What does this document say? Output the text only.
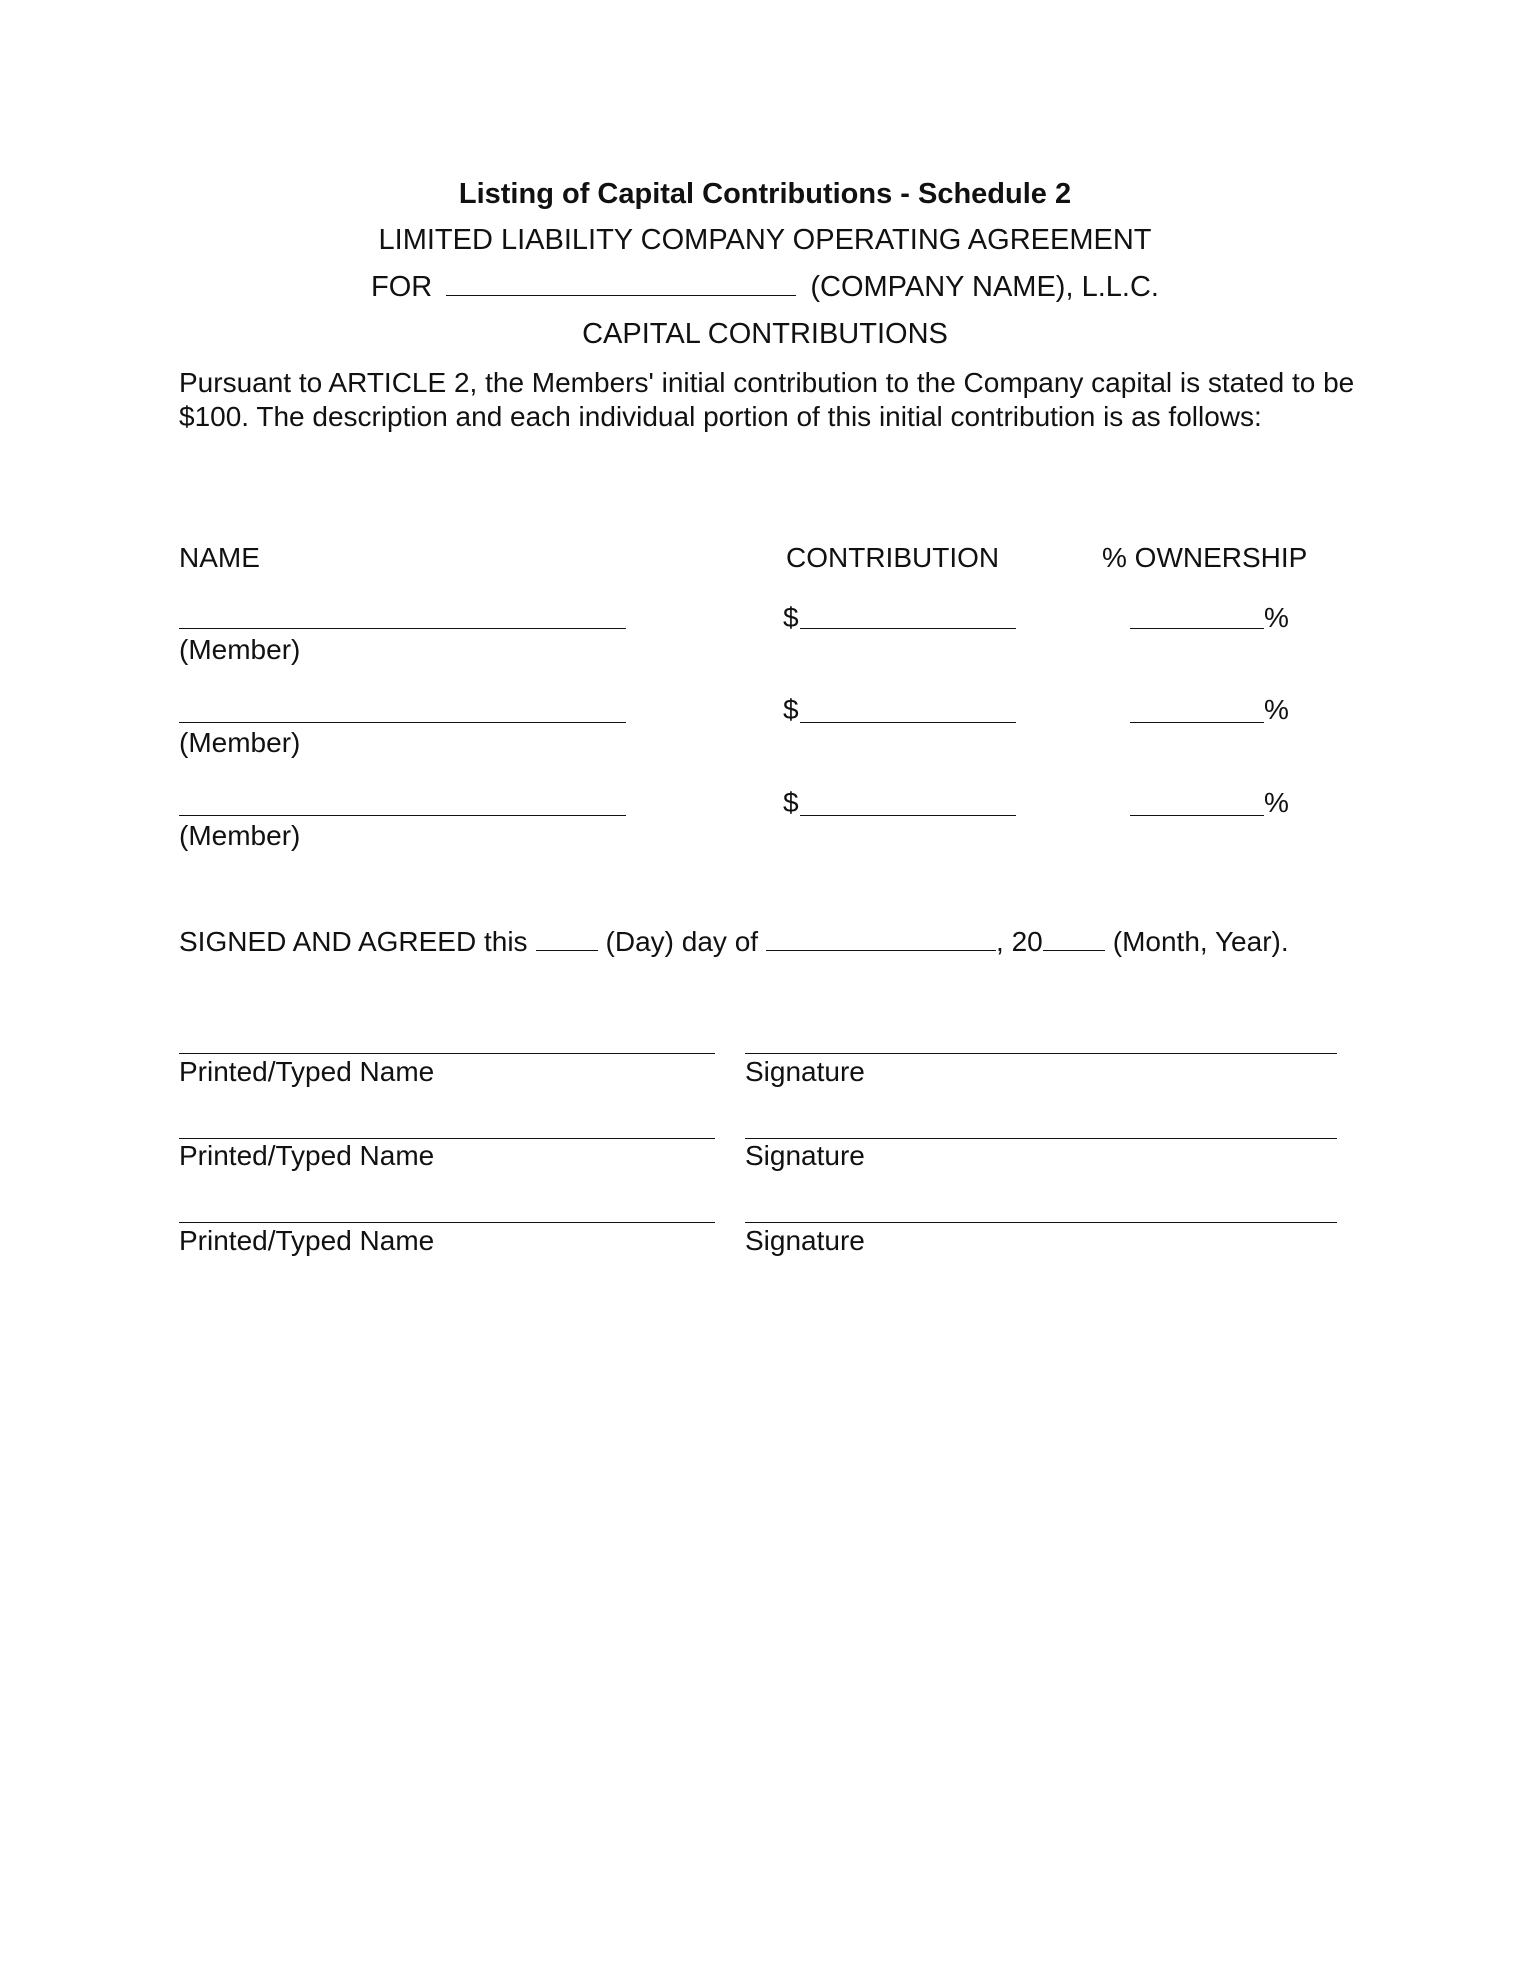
Listing of Capital Contributions - Schedule 2
LIMITED LIABILITY COMPANY OPERATING AGREEMENT
FOR	(COMPANY NAME), L.L.C.
CAPITAL CONTRIBUTIONS
Pursuant to ARTICLE 2, the Members' initial contribution to the Company capital is stated to be $100. The description and each individual portion of this initial contribution is as follows:
NAME	CONTRIBUTION	% OWNERSHIP
$	%
(Member)
$	%
(Member)
$	%
(Member)
SIGNED AND AGREED this	(Day) day of	, 20	(Month, Year).
Printed/Typed Name	Signature
Printed/Typed Name	Signature
Printed/Typed Name	Signature
